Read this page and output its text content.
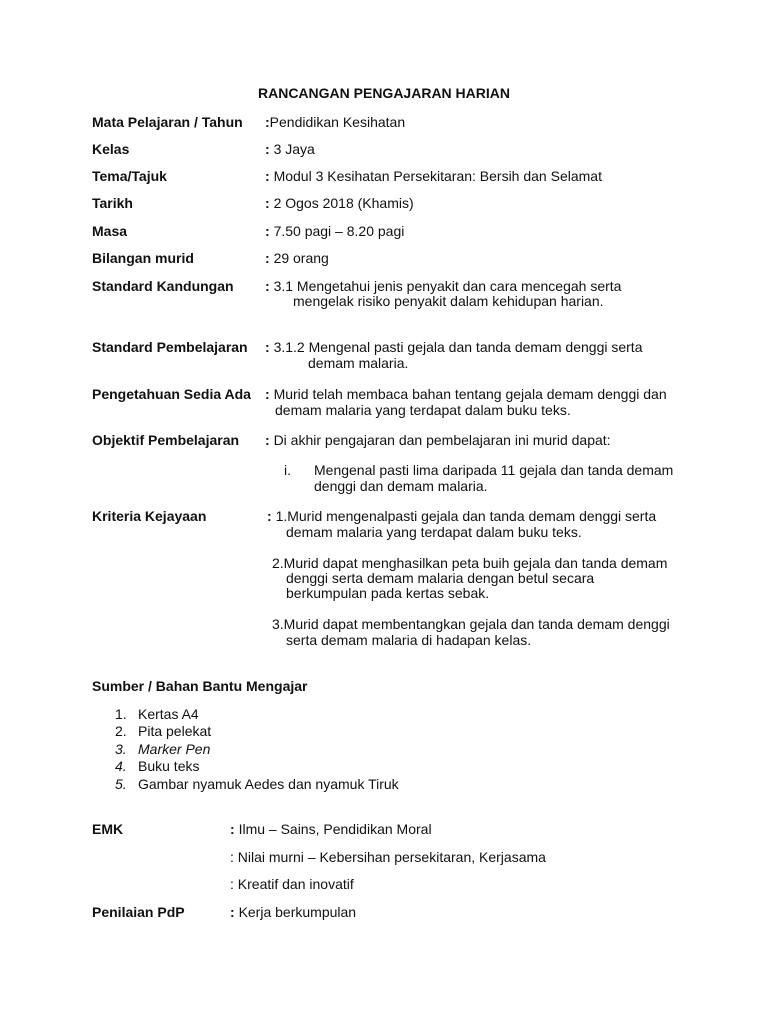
RANCANGAN PENGAJARAN HARIAN
Mata Pelajaran / Tahun :Pendidikan Kesihatan
Kelas	: 3 Jaya
Tema/Tajuk	: Modul 3 Kesihatan Persekitaran: Bersih dan Selamat
Tarikh	: 2 Ogos 2018 (Khamis)
Masa	: 7.50 pagi – 8.20 pagi
Bilangan murid	: 29 orang
Standard Kandungan : 3.1 Mengetahui jenis penyakit dan cara mencegah serta
mengelak risiko penyakit dalam kehidupan harian.
Standard Pembelajaran : 3.1.2 Mengenal pasti gejala dan tanda demam denggi serta
demam malaria.
Pengetahuan Sedia Ada : Murid telah membaca bahan tentang gejala demam denggi dan
demam malaria yang terdapat dalam buku teks.
Objektif Pembelajaran : Di akhir pengajaran dan pembelajaran ini murid dapat:
i. Mengenal pasti lima daripada 11 gejala dan tanda demam
denggi dan demam malaria.
Kriteria Kejayaan	: 1.Murid mengenalpasti gejala dan tanda demam denggi serta
demam malaria yang terdapat dalam buku teks.
2.Murid dapat menghasilkan peta buih gejala dan tanda demam
denggi serta demam malaria dengan betul secara
berkumpulan pada kertas sebak.
3.Murid dapat membentangkan gejala dan tanda demam denggi
serta demam malaria di hadapan kelas.
Sumber / Bahan Bantu Mengajar
1. Kertas A4
2. Pita pelekat
3. Marker Pen
4. Buku teks
5. Gambar nyamuk Aedes dan nyamuk Tiruk
EMK	: Ilmu – Sains, Pendidikan Moral
: Nilai murni – Kebersihan persekitaran, Kerjasama
: Kreatif dan inovatif
Penilaian PdP	: Kerja berkumpulan
